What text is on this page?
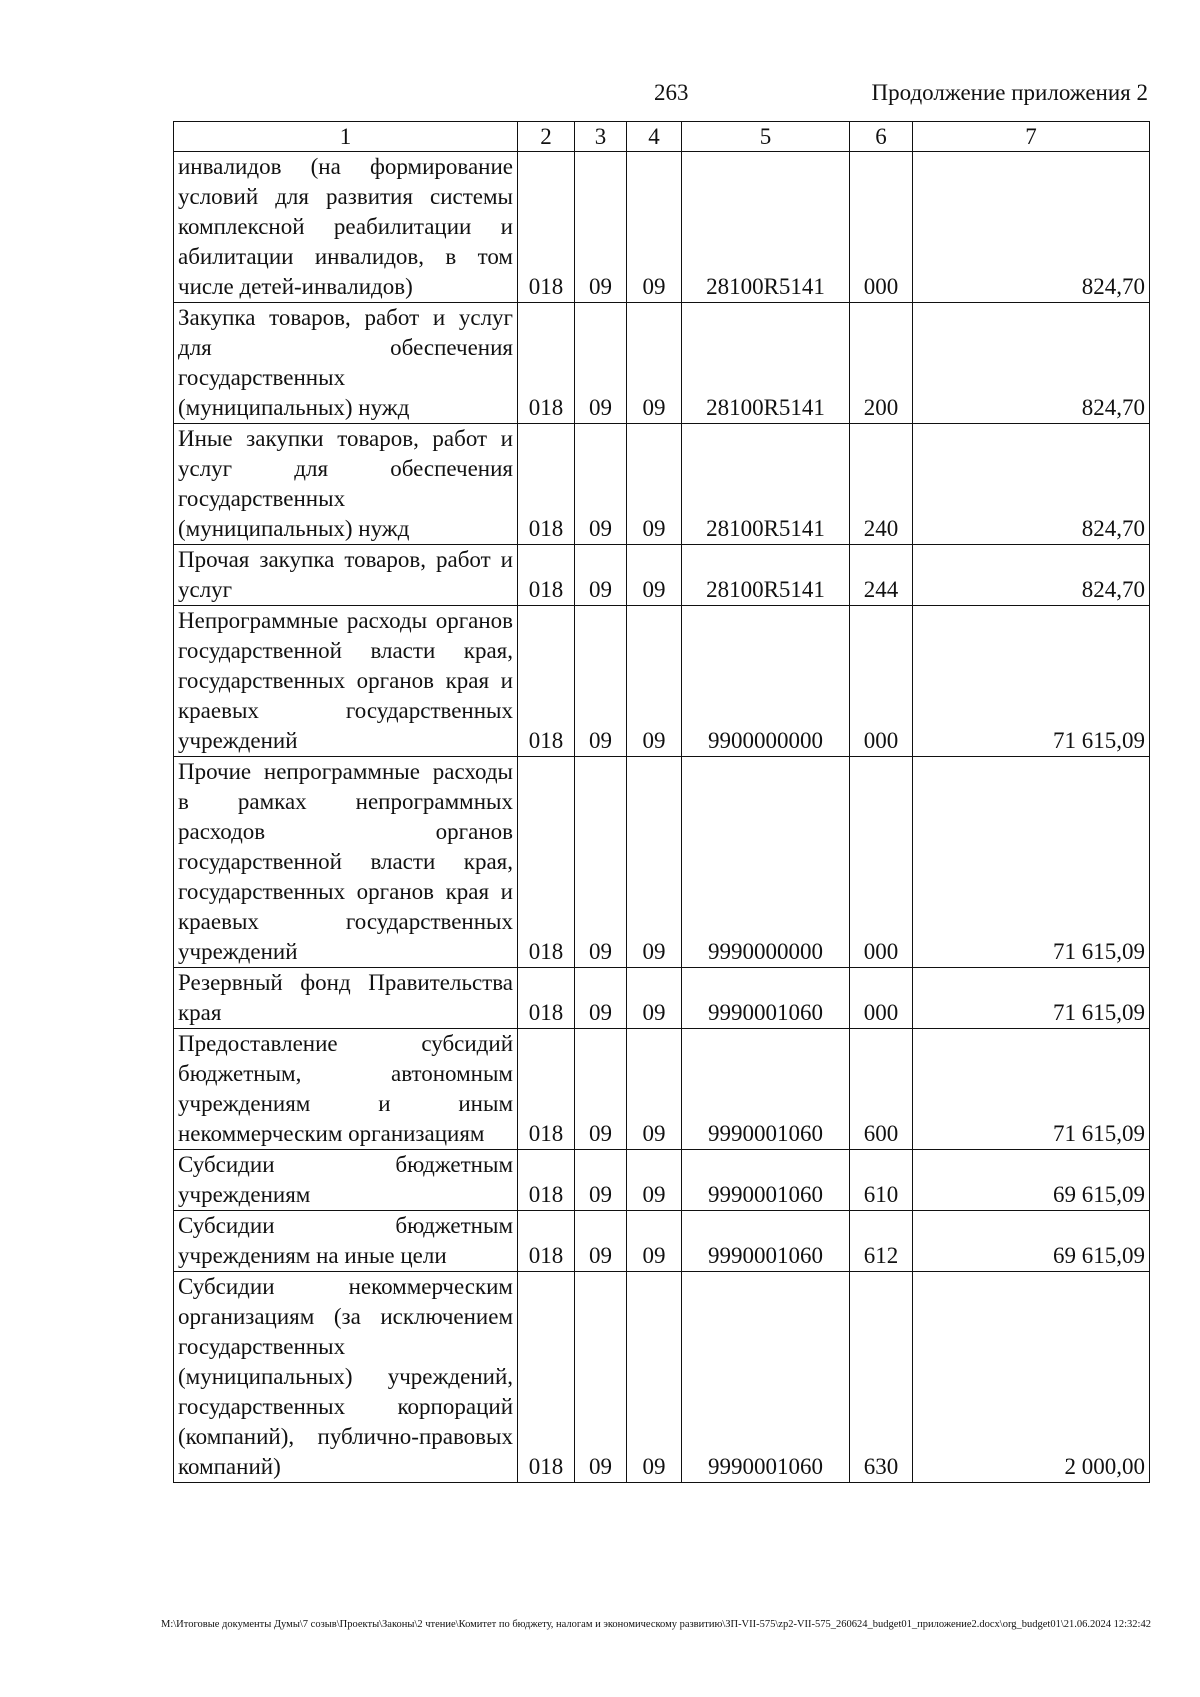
263	Продолжение приложения 2
1	2	3	4	5	6	7
инвалидов (на формирование условий для развития системы комплексной реабилитации и абилитации инвалидов, в том числе детей-инвалидов)	018	09	09	28100R5141	000	824,70
Закупка товаров, работ и услуг для обеспечения государственных (муниципальных) нужд	018	09	09	28100R5141	200	824,70
Иные закупки товаров, работ и услуг для обеспечения государственных (муниципальных) нужд	018	09	09	28100R5141	240	824,70
Прочая закупка товаров, работ и услуг	018	09	09	28100R5141	244	824,70
Непрограммные расходы органов государственной власти края, государственных органов края и краевых государственных учреждений	018	09	09	9900000000	000	71 615,09
Прочие непрограммные расходы в рамках непрограммных расходов органов государственной власти края, государственных органов края и краевых государственных учреждений	018	09	09	9990000000	000	71 615,09
Резервный фонд Правительства края	018	09	09	9990001060	000	71 615,09
Предоставление субсидий бюджетным, автономным учреждениям и иным некоммерческим организациям	018	09	09	9990001060	600	71 615,09
Субсидии бюджетным учреждениям	018	09	09	9990001060	610	69 615,09
Субсидии бюджетным учреждениям на иные цели	018	09	09	9990001060	612	69 615,09
Субсидии некоммерческим организациям (за исключением государственных (муниципальных) учреждений, государственных корпораций (компаний), публично-правовых компаний)	018	09	09	9990001060	630	2 000,00
M:\Итоговые документы Думы\7 созыв\Проекты\Законы\2 чтение\Комитет по бюджету, налогам и экономическому развитию\ЗП-VII-575\zp2-VII-575_260624_budget01_приложение2.docx\org_budget01\21.06.2024 12:32:42
